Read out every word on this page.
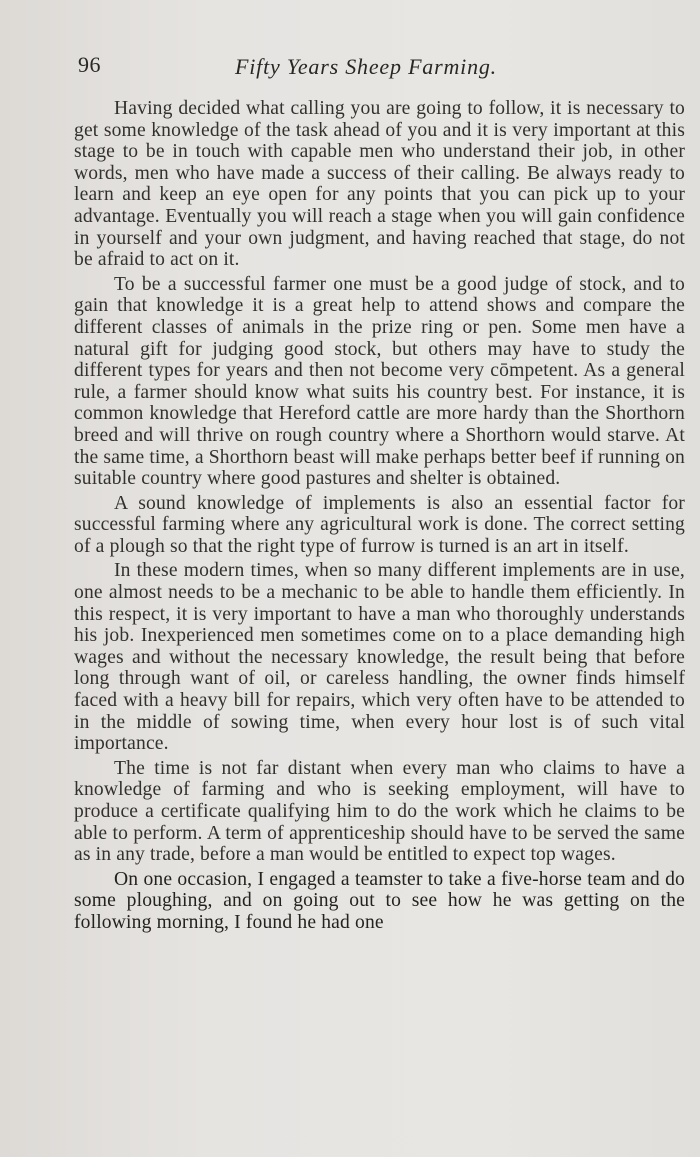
96	Fifty Years Sheep Farming.

Having decided what calling you are going to follow, it is necessary to get some knowledge of the task ahead of you and it is very important at this stage to be in touch with capable men who understand their job, in other words, men who have made a success of their calling. Be always ready to learn and keep an eye open for any points that you can pick up to your advantage. Eventually you will reach a stage when you will gain confidence in yourself and your own judgment, and having reached that stage, do not be afraid to act on it.

To be a successful farmer one must be a good judge of stock, and to gain that knowledge it is a great help to attend shows and compare the different classes of animals in the prize ring or pen. Some men have a natural gift for judging good stock, but others may have to study the different types for years and then not become very cōmpetent. As a general rule, a farmer should know what suits his country best. For instance, it is common knowledge that Hereford cattle are more hardy than the Shorthorn breed and will thrive on rough country where a Shorthorn would starve. At the same time, a Shorthorn beast will make perhaps better beef if running on suitable country where good pastures and shelter is obtained.

A sound knowledge of implements is also an essential factor for successful farming where any agricultural work is done. The correct setting of a plough so that the right type of furrow is turned is an art in itself.

In these modern times, when so many different implements are in use, one almost needs to be a mechanic to be able to handle them efficiently. In this respect, it is very important to have a man who thoroughly understands his job. Inexperienced men sometimes come on to a place demanding high wages and without the necessary knowledge, the result being that before long through want of oil, or careless handling, the owner finds himself faced with a heavy bill for repairs, which very often have to be attended to in the middle of sowing time, when every hour lost is of such vital importance.

The time is not far distant when every man who claims to have a knowledge of farming and who is seeking employment, will have to produce a certificate qualifying him to do the work which he claims to be able to perform. A term of apprenticeship should have to be served the same as in any trade, before a man would be entitled to expect top wages.

On one occasion, I engaged a teamster to take a five-horse team and do some ploughing, and on going out to see how he was getting on the following morning, I found he had one
